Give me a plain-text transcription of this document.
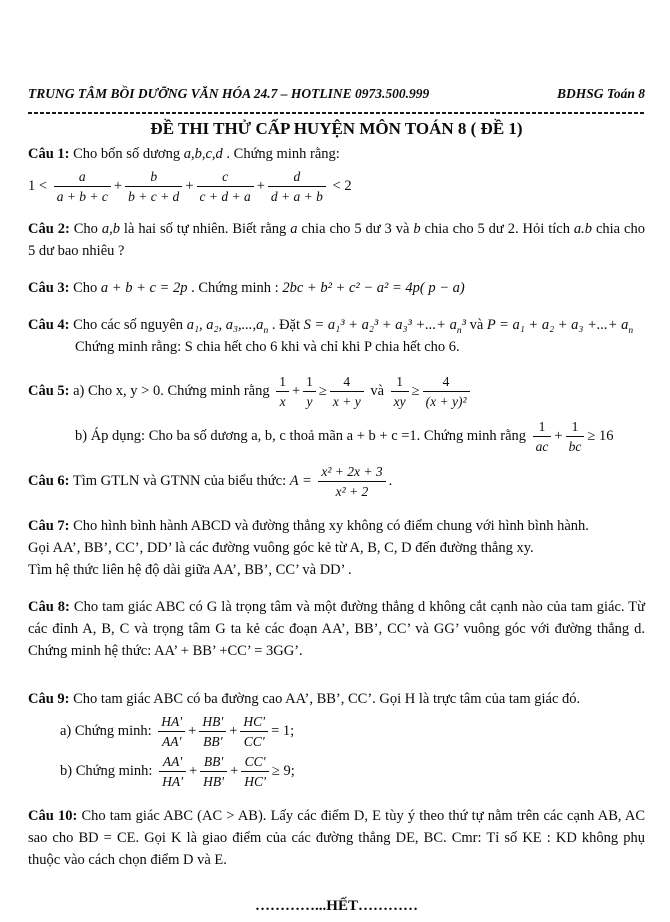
TRUNG TÂM BỒI DƯỠNG VĂN HÓA 24.7 – HOTLINE 0973.500.999	BDHSG Toán 8
ĐỀ THI THỬ CẤP HUYỆN MÔN TOÁN 8 ( ĐỀ 1)

Câu 1: Cho bốn số dương a,b,c,d . Chứng minh rằng:

$1 < \frac{a}{a + b + c} + \frac{b}{b + c + d} + \frac{c}{c + d + a} + \frac{d}{d + a + b} < 2$

Câu 2: Cho a,b là hai số tự nhiên. Biết rằng a chia cho 5 dư 3 và b chia cho 5 dư 2. Hỏi tích a.b chia cho 5 dư bao nhiêu ?

Câu 3: Cho a + b + c = 2p . Chứng minh : 2bc + b² + c² − a² = 4p( p − a)

Câu 4: Cho các số nguyên a₁, a₂, $a_3,...,a_n$ . Đặt S = a₁³ + a₂³ + a₃³ +...+ $a_n^3$ và P = a₁ + a₂ + a₃ +...+ $a_n$

Chứng minh rằng: S chia hết cho 6 khi và chỉ khi P chia hết cho 6.

Câu 5: a) Cho x, y > 0. Chứng minh rằng $\frac{1}{x} + \frac{1}{y} \ge \frac{4}{x + y}$ và $\frac{1}{xy} \ge \frac{4}{\text{(x + y)²}}$

b) Áp dụng: Cho ba số dương a, b, c thoả mãn a + b + c =1. Chứng minh rằng $\frac{1}{ac} + \frac{1}{bc} \ge 16$

Câu 6: Tìm GTLN và GTNN của biểu thức: $A = \frac{\text{x² + 2x + 3}}{\text{x² + 2}}$ .

Câu 7: Cho hình bình hành ABCD và đường thẳng xy không có điểm chung với hình bình hành.

Gọi AA’, BB’, CC’, DD’ là các đường vuông góc kẻ từ A, B, C, D đến đường thẳng xy.

Tìm hệ thức liên hệ độ dài giữa AA’, BB’, CC’ và DD’ .

Câu 8: Cho tam giác ABC có G là trọng tâm và một đường thẳng d không cắt cạnh nào của tam giác. Từ các đỉnh A, B, C và trọng tâm G ta kẻ các đoạn AA’, BB’, CC’ và GG’ vuông góc với đường thẳng d. Chứng minh hệ thức: AA’ + BB’ +CC’ = 3GG’.

Câu 9: Cho tam giác ABC có ba đường cao AA’, BB’, CC’. Gọi H là trực tâm của tam giác đó.

a) Chứng minh: $\frac{HA'}{AA'} + \frac{HB'}{BB'} + \frac{HC'}{CC'} = 1$;

b) Chứng minh: $\frac{AA'}{HA'} + \frac{BB'}{HB'} + \frac{CC'}{HC'} \ge 9$;

Câu 10: Cho tam giác ABC (AC > AB). Lấy các điểm D, E tùy ý theo thứ tự nằm trên các cạnh AB, AC sao cho BD = CE. Gọi K là giao điểm của các đường thẳng DE, BC. Cmr: Tỉ số KE : KD không phụ thuộc vào cách chọn điểm D và E.

…………...HẾT…………
